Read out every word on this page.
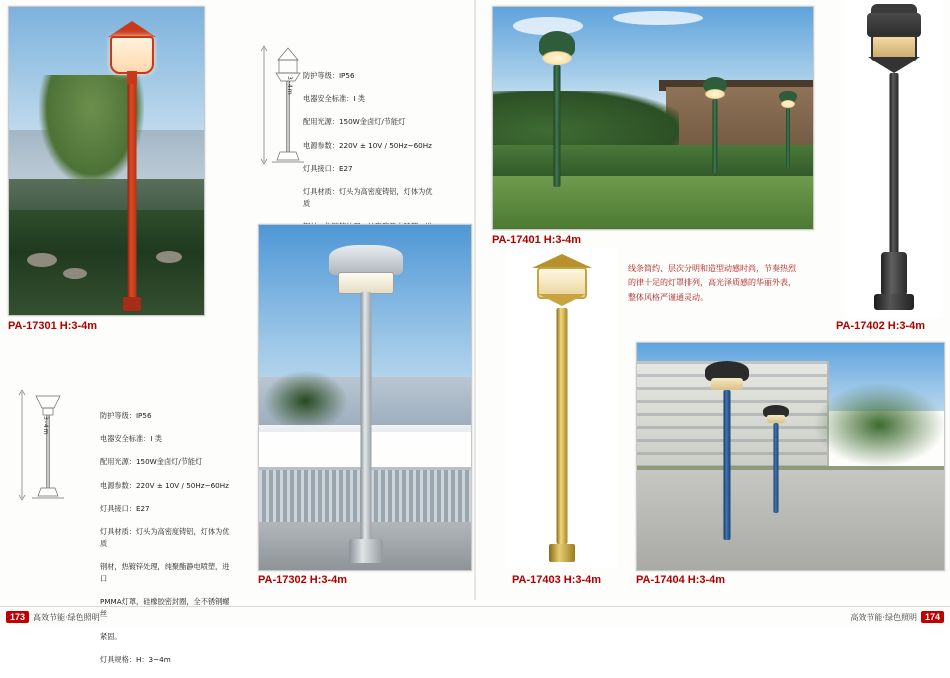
PA-17301 H:3-4m
3-4m

防护等级：IP56

电器安全标准：I 类

配用光源：150W金卤灯/节能灯

电源参数：220V ± 10V / 50Hz~60Hz

灯具接口：E27

灯具材质：灯头为高密度铸铝，灯体为优质

3-4m

防护等级：IP56

电器安全标准：I 类

配用光源：150W金卤灯/节能灯

电源参数：220V ± 10V / 50Hz~60Hz

灯具接口：E27

灯具材质：灯头为高密度铸铝，灯体为优质

钢材，热镀锌处理，纯聚酯静电喷塑，进口

PMMA灯罩，硅橡胶密封圈，全不锈钢螺丝

紧固。

灯具规格：H：3~4m

PA-17302 H:3-4m
PA-17401 H:3-4m
线条简约、层次分明和造型动感时尚，节奏热烈
的律十足的灯罩排列，高光泽质感的华丽外表，
整体风格严谨通灵动。
PA-17402 H:3-4m
PA-17403 H:3-4m	PA-17404 H:3-4m
173	高效节能·绿色照明	高效节能·绿色照明 174
